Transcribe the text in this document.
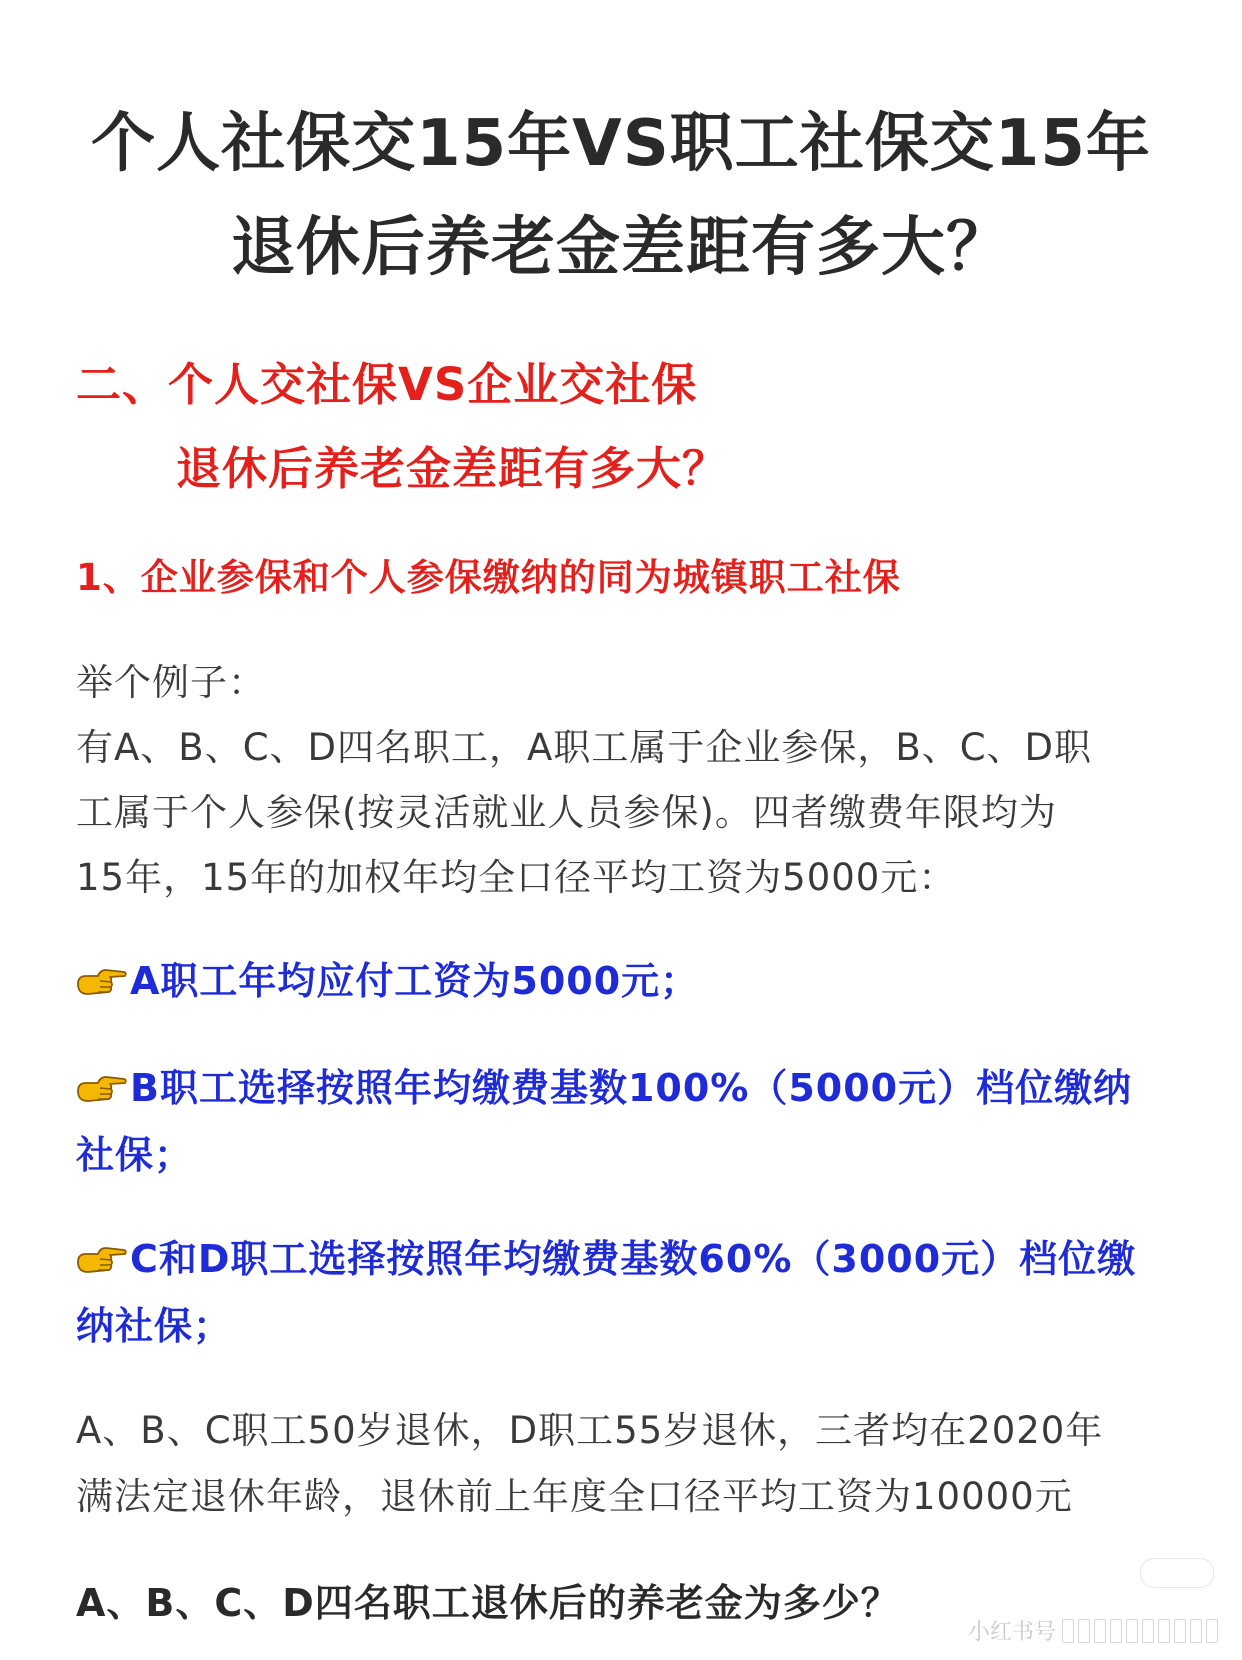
个人社保交15年VS职工社保交15年
退休后养老金差距有多大？
二、个人交社保VS企业交社保
退休后养老金差距有多大？
1、企业参保和个人参保缴纳的同为城镇职工社保
举个例子：
有A、B、C、D四名职工，A职工属于企业参保，B、C、D职
工属于个人参保(按灵活就业人员参保)。四者缴费年限均为
15年，15年的加权年均全口径平均工资为5000元：
A职工年均应付工资为5000元；
B职工选择按照年均缴费基数100%（5000元）档位缴纳
社保；
C和D职工选择按照年均缴费基数60%（3000元）档位缴
纳社保；
A、B、C职工50岁退休，D职工55岁退休，三者均在2020年
满法定退休年龄，退休前上年度全口径平均工资为10000元
A、B、C、D四名职工退休后的养老金为多少？
小红书号
